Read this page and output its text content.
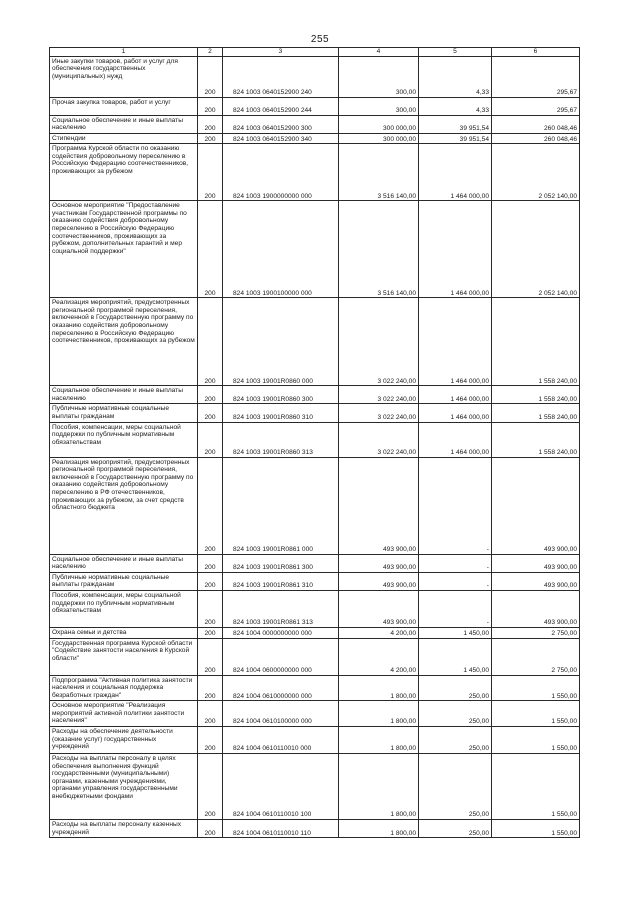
255
1	2	3	4	5	6
Иные закупки товаров, работ и услуг для обеспечения государственных (муниципальных) нужд	200	824 1003 0640152900 240	300,00	4,33	295,67
Прочая закупка товаров, работ и услуг	200	824 1003 0640152900 244	300,00	4,33	295,67
Социальное обеспечение и иные выплаты населению	200	824 1003 0640152900 300	300 000,00	39 951,54	260 048,46
Стипендии	200	824 1003 0640152900 340	300 000,00	39 951,54	260 048,46
Программа Курской области по оказанию содействия добровольному переселению в Российскую Федерацию соотечественников, проживающих за рубежом	200	824 1003 1900000000 000	3 516 140,00	1 464 000,00	2 052 140,00
Основное мероприятие "Предоставление участникам Государственной программы по оказанию содействия добровольному переселению в Российскую Федерацию соотечественников, проживающих за рубежом, дополнительных гарантий и мер социальной поддержки"	200	824 1003 1900100000 000	3 516 140,00	1 464 000,00	2 052 140,00
Реализация мероприятий, предусмотренных региональной программой переселения, включенной в Государственную программу по оказанию содействия добровольному переселению в Российскую Федерацию соотечественников, проживающих за рубежом	200	824 1003 19001R0860 000	3 022 240,00	1 464 000,00	1 558 240,00
Социальное обеспечение и иные выплаты населению	200	824 1003 19001R0860 300	3 022 240,00	1 464 000,00	1 558 240,00
Публичные нормативные социальные выплаты гражданам	200	824 1003 19001R0860 310	3 022 240,00	1 464 000,00	1 558 240,00
Пособия, компенсации, меры социальной поддержки по публичным нормативным обязательствам	200	824 1003 19001R0860 313	3 022 240,00	1 464 000,00	1 558 240,00
Реализация мероприятий, предусмотренных региональной программой переселения, включенной в Государственную программу по оказанию содействия добровольному переселению в РФ отечественников, проживающих за рубежом, за счет средств областного бюджета	200	824 1003 19001R0861 000	493 900,00	-	493 900,00
Социальное обеспечение и иные выплаты населению	200	824 1003 19001R0861 300	493 900,00	-	493 900,00
Публичные нормативные социальные выплаты гражданам	200	824 1003 19001R0861 310	493 900,00	-	493 900,00
Пособия, компенсации, меры социальной поддержки по публичным нормативным обязательствам	200	824 1003 19001R0861 313	493 900,00	-	493 900,00
Охрана семьи и детства	200	824 1004 0000000000 000	4 200,00	1 450,00	2 750,00
Государственная программа Курской области "Содействие занятости населения в Курской области"	200	824 1004 0600000000 000	4 200,00	1 450,00	2 750,00
Подпрограмма "Активная политика занятости населения и социальная поддержка безработных граждан"	200	824 1004 0610000000 000	1 800,00	250,00	1 550,00
Основное мероприятие "Реализация мероприятий активной политики занятости населения"	200	824 1004 0610100000 000	1 800,00	250,00	1 550,00
Расходы на обеспечение деятельности (оказание услуг) государственных учреждений	200	824 1004 0610110010 000	1 800,00	250,00	1 550,00
Расходы на выплаты персоналу в целях обеспечения выполнения функций государственными (муниципальными) органами, казенными учреждениями, органами управления государственными внебюджетными фондами	200	824 1004 0610110010 100	1 800,00	250,00	1 550,00
Расходы на выплаты персоналу казенных учреждений	200	824 1004 0610110010 110	1 800,00	250,00	1 550,00
